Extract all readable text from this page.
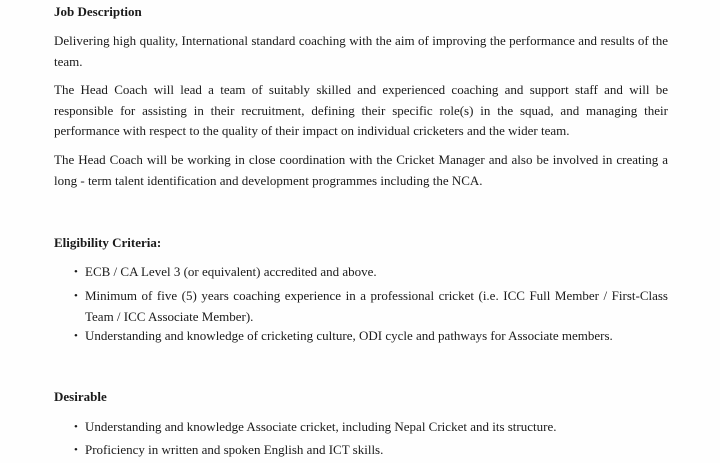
Job Description
Delivering high quality, International standard coaching with the aim of improving the performance and results of the team.
The Head Coach will lead a team of suitably skilled and experienced coaching and support staff and will be responsible for assisting in their recruitment, defining their specific role(s) in the squad, and managing their performance with respect to the quality of their impact on individual cricketers and the wider team.
The Head Coach will be working in close coordination with the Cricket Manager and also be involved in creating a long - term talent identification and development programmes including the NCA.
Eligibility Criteria:
• ECB / CA Level 3 (or equivalent) accredited and above.
• Minimum of five (5) years coaching experience in a professional cricket (i.e. ICC Full Member / First-Class Team / ICC Associate Member).
• Understanding and knowledge of cricketing culture, ODI cycle and pathways for Associate members.
Desirable
• Understanding and knowledge Associate cricket, including Nepal Cricket and its structure.
• Proficiency in written and spoken English and ICT skills.
